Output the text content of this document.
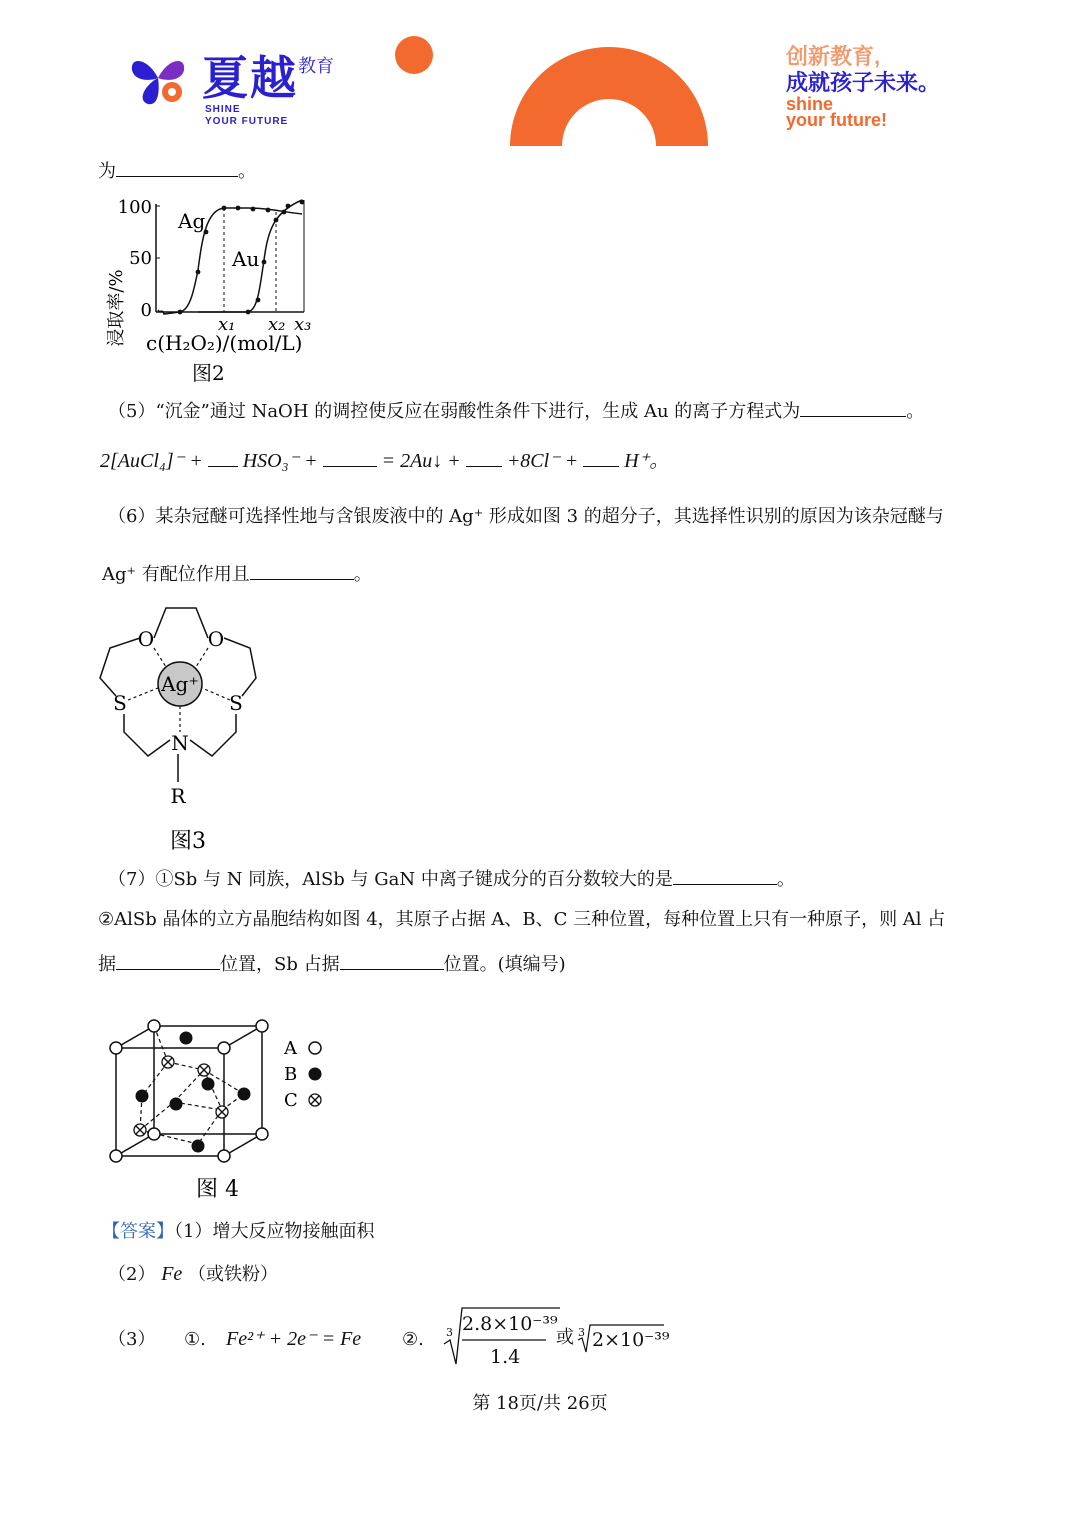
夏越 教育
SHINE
YOUR FUTURE
创新教育,
成就孩子未来。
shine
your future!
为	。
浸取率/%
100
50
0
Ag
Au
x₁ x₂ x₃
c(H₂O₂)/(mol/L)
图2
（5）“沉金”通过 NaOH 的调控使反应在弱酸性条件下进行，生成 Au 的离子方程式为	。
2[AuCl₄]⁻ + HSO₃⁻ +	= 2Au↓ + +8Cl⁻ + H⁺。
（6）某杂冠醚可选择性地与含银废液中的 Ag⁺ 形成如图 3 的超分子，其选择性识别的原因为该杂冠醚与
Ag⁺ 有配位作用且	。
Ag⁺
O	O
S	S
N
R
图3
（7）①Sb 与 N 同族，AlSb 与 GaN 中离子键成分的百分数较大的是	。
②AlSb 晶体的立方晶胞结构如图 4，其原子占据 A、B、C 三种位置，每种位置上只有一种原子，则 Al 占
据	位置，Sb 占据	位置。(填编号)
A
B
C
图 4
【答案】（1）增大反应物接触面积
（2） Fe （或铁粉）
（3） ①. Fe²⁺ + 2e⁻ = Fe ②. 3 2.8×10⁻³⁹
1.4
或 3 2×10⁻³⁹
第 18页/共 26页
